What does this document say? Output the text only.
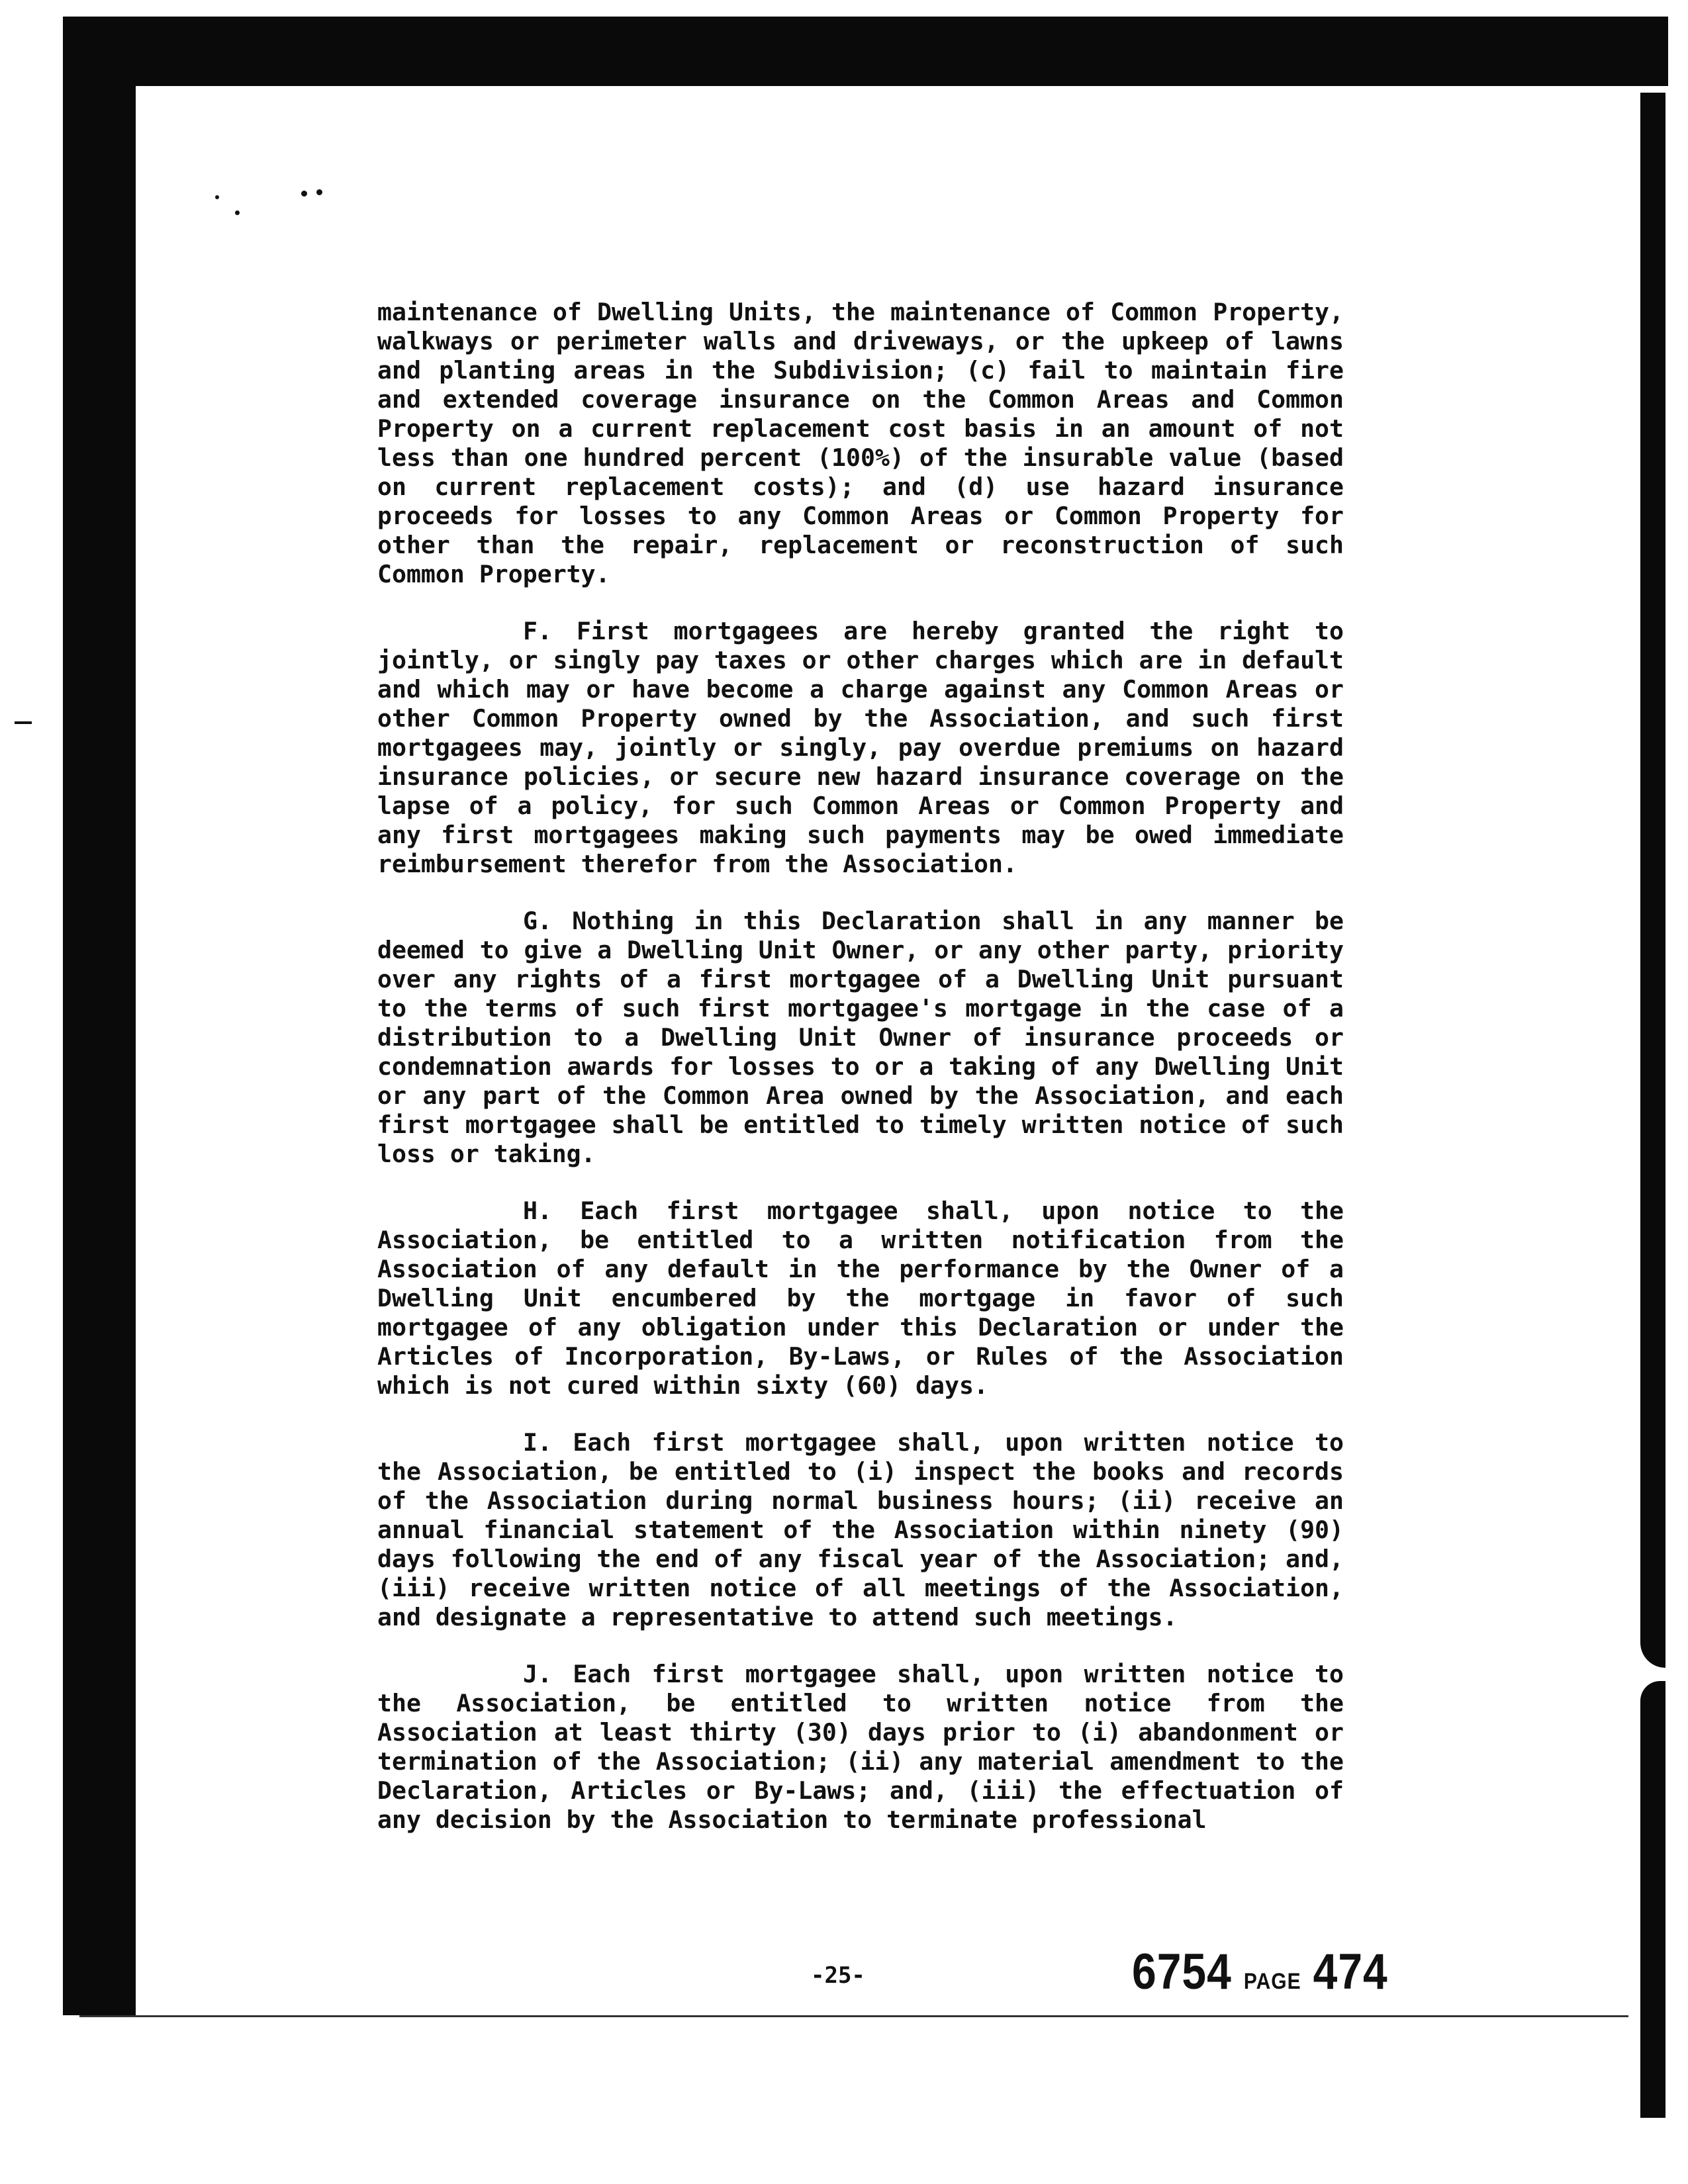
maintenance of Dwelling Units, the maintenance of Common Property, walkways or perimeter walls and driveways, or the upkeep of lawns and planting areas in the Subdivision; (c) fail to maintain fire and extended coverage insurance on the Common Areas and Common Property on a current replacement cost basis in an amount of not less than one hundred percent (100%) of the insurable value (based on current replacement costs); and (d) use hazard insurance proceeds for losses to any Common Areas or Common Property for other than the repair, replacement or reconstruction of such Common Property.

F. First mortgagees are hereby granted the right to jointly, or singly pay taxes or other charges which are in default and which may or have become a charge against any Common Areas or other Common Property owned by the Association, and such first mortgagees may, jointly or singly, pay overdue premiums on hazard insurance policies, or secure new hazard insurance coverage on the lapse of a policy, for such Common Areas or Common Property and any first mortgagees making such payments may be owed immediate reimbursement therefor from the Association.

G. Nothing in this Declaration shall in any manner be deemed to give a Dwelling Unit Owner, or any other party, priority over any rights of a first mortgagee of a Dwelling Unit pursuant to the terms of such first mortgagee's mortgage in the case of a distribution to a Dwelling Unit Owner of insurance proceeds or condemnation awards for losses to or a taking of any Dwelling Unit or any part of the Common Area owned by the Association, and each first mortgagee shall be entitled to timely written notice of such loss or taking.

H. Each first mortgagee shall, upon notice to the Association, be entitled to a written notification from the Association of any default in the performance by the Owner of a Dwelling Unit encumbered by the mortgage in favor of such mortgagee of any obligation under this Declaration or under the Articles of Incorporation, By-Laws, or Rules of the Association which is not cured within sixty (60) days.

I. Each first mortgagee shall, upon written notice to the Association, be entitled to (i) inspect the books and records of the Association during normal business hours; (ii) receive an annual financial statement of the Association within ninety (90) days following the end of any fiscal year of the Association; and, (iii) receive written notice of all meetings of the Association, and designate a representative to attend such meetings.

J. Each first mortgagee shall, upon written notice to the Association, be entitled to written notice from the Association at least thirty (30) days prior to (i) abandonment or termination of the Association; (ii) any material amendment to the Declaration, Articles or By-Laws; and, (iii) the effectuation of any decision by the Association to terminate professional

-25-	6754 PAGE 474
